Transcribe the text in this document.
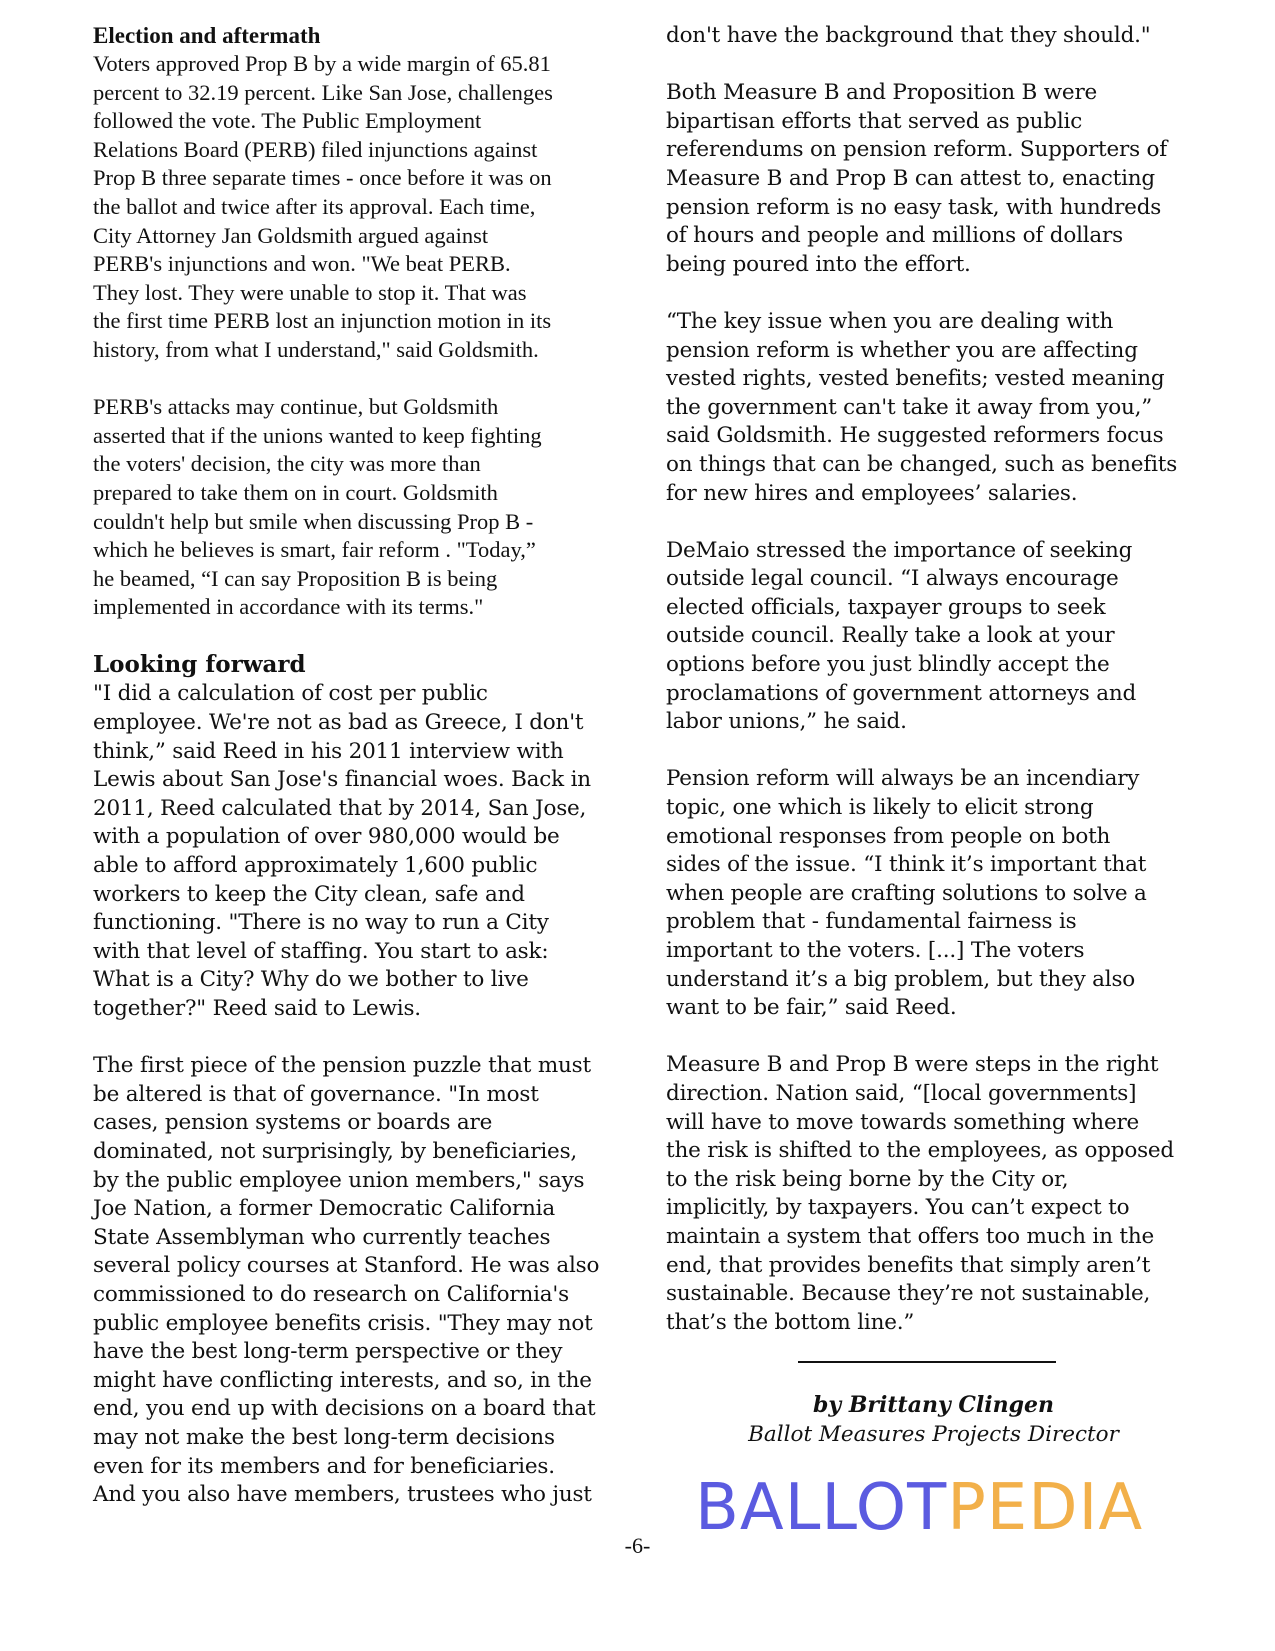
Election and aftermath

Voters approved Prop B by a wide margin of 65.81
percent to 32.19 percent. Like San Jose, challenges
followed the vote. The Public Employment
Relations Board (PERB) filed injunctions against
Prop B three separate times - once before it was on
the ballot and twice after its approval. Each time,
City Attorney Jan Goldsmith argued against
PERB's injunctions and won. "We beat PERB.
They lost. They were unable to stop it. That was
the first time PERB lost an injunction motion in its
history, from what I understand," said Goldsmith.

PERB's attacks may continue, but Goldsmith
asserted that if the unions wanted to keep fighting
the voters' decision, the city was more than
prepared to take them on in court. Goldsmith
couldn't help but smile when discussing Prop B -
which he believes is smart, fair reform . "Today,”
he beamed, “I can say Proposition B is being
implemented in accordance with its terms."

Looking forward

"I did a calculation of cost per public
employee. We're not as bad as Greece, I don't
think,” said Reed in his 2011 interview with
Lewis about San Jose's financial woes. Back in
2011, Reed calculated that by 2014, San Jose,
with a population of over 980,000 would be
able to afford approximately 1,600 public
workers to keep the City clean, safe and
functioning. "There is no way to run a City
with that level of staffing. You start to ask:
What is a City? Why do we bother to live
together?" Reed said to Lewis.

The first piece of the pension puzzle that must
be altered is that of governance. "In most
cases, pension systems or boards are
dominated, not surprisingly, by beneficiaries,
by the public employee union members," says
Joe Nation, a former Democratic California
State Assemblyman who currently teaches
several policy courses at Stanford. He was also
commissioned to do research on California's
public employee benefits crisis. "They may not
have the best long-term perspective or they
might have conflicting interests, and so, in the
end, you end up with decisions on a board that
may not make the best long-term decisions
even for its members and for beneficiaries.
And you also have members, trustees who just

don't have the background that they should."

Both Measure B and Proposition B were
bipartisan efforts that served as public
referendums on pension reform. Supporters of
Measure B and Prop B can attest to, enacting
pension reform is no easy task, with hundreds
of hours and people and millions of dollars
being poured into the effort.

“The key issue when you are dealing with
pension reform is whether you are affecting
vested rights, vested benefits; vested meaning
the government can't take it away from you,”
said Goldsmith. He suggested reformers focus
on things that can be changed, such as benefits
for new hires and employees’ salaries.

DeMaio stressed the importance of seeking
outside legal council. “I always encourage
elected officials, taxpayer groups to seek
outside council. Really take a look at your
options before you just blindly accept the
proclamations of government attorneys and
labor unions,” he said.

Pension reform will always be an incendiary
topic, one which is likely to elicit strong
emotional responses from people on both
sides of the issue. “I think it’s important that
when people are crafting solutions to solve a
problem that - fundamental fairness is
important to the voters. [...] The voters
understand it’s a big problem, but they also
want to be fair,” said Reed.

Measure B and Prop B were steps in the right
direction. Nation said, “[local governments]
will have to move towards something where
the risk is shifted to the employees, as opposed
to the risk being borne by the City or,
implicitly, by taxpayers. You can’t expect to
maintain a system that offers too much in the
end, that provides benefits that simply aren’t
sustainable. Because they’re not sustainable,
that’s the bottom line.”

by Brittany Clingen
Ballot Measures Projects Director
BALLOTPEDIA
-6-
